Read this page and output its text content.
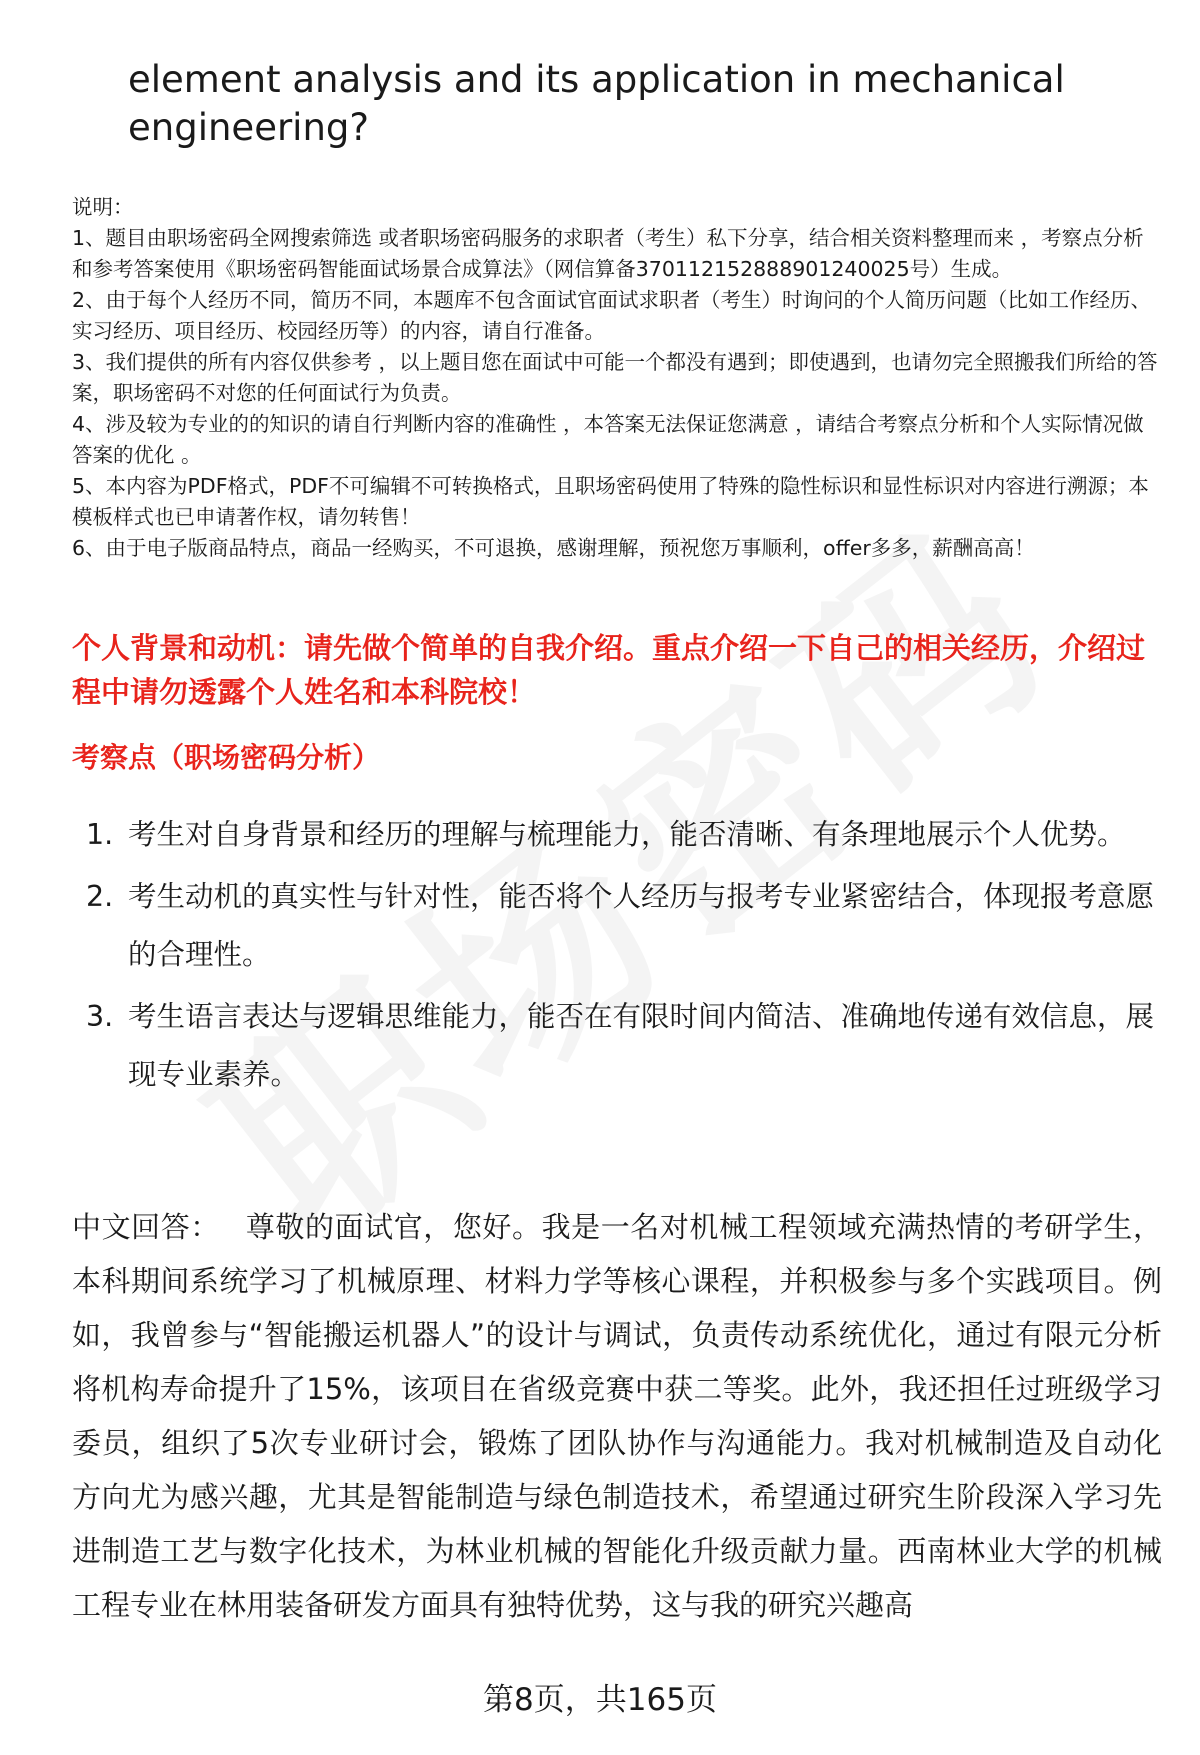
element analysis and its application in mechanical engineering?

说明：

1、题目由职场密码全网搜索筛选 或者职场密码服务的求职者（考生）私下分享，结合相关资料整理而来 ，考察点分析和参考答案使用《职场密码智能面试场景合成算法》（网信算备370112152888901240025号）生成。

2、由于每个人经历不同，简历不同，本题库不包含面试官面试求职者（考生）时询问的个人简历问题（比如工作经历、实习经历、项目经历、校园经历等）的内容，请自行准备。

3、我们提供的所有内容仅供参考 ，以上题目您在面试中可能一个都没有遇到；即使遇到，也请勿完全照搬我们所给的答案，职场密码不对您的任何面试行为负责。

4、涉及较为专业的的知识的请自行判断内容的准确性 ，本答案无法保证您满意 ，请结合考察点分析和个人实际情况做答案的优化 。

5、本内容为PDF格式，PDF不可编辑不可转换格式，且职场密码使用了特殊的隐性标识和显性标识对内容进行溯源；本模板样式也已申请著作权，请勿转售！

6、由于电子版商品特点，商品一经购买，不可退换，感谢理解，预祝您万事顺利，offer多多，薪酬高高！

个人背景和动机：请先做个简单的自我介绍。重点介绍一下自己的相关经历，介绍过程中请勿透露个人姓名和本科院校！
考察点（职场密码分析）
1. 考生对自身背景和经历的理解与梳理能力，能否清晰、有条理地展示个人优势。
2. 考生动机的真实性与针对性，能否将个人经历与报考专业紧密结合，体现报考意愿的合理性。
3. 考生语言表达与逻辑思维能力，能否在有限时间内简洁、准确地传递有效信息，展现专业素养。
中文回答： 尊敬的面试官，您好。我是一名对机械工程领域充满热情的考研学生，本科期间系统学习了机械原理、材料力学等核心课程，并积极参与多个实践项目。例如，我曾参与“智能搬运机器人”的设计与调试，负责传动系统优化，通过有限元分析将机构寿命提升了15%，该项目在省级竞赛中获二等奖。此外，我还担任过班级学习委员，组织了5次专业研讨会，锻炼了团队协作与沟通能力。我对机械制造及自动化方向尤为感兴趣，尤其是智能制造与绿色制造技术，希望通过研究生阶段深入学习先进制造工艺与数字化技术，为林业机械的智能化升级贡献力量。西南林业大学的机械工程专业在林用装备研发方面具有独特优势，这与我的研究兴趣高
第8页，共165页
